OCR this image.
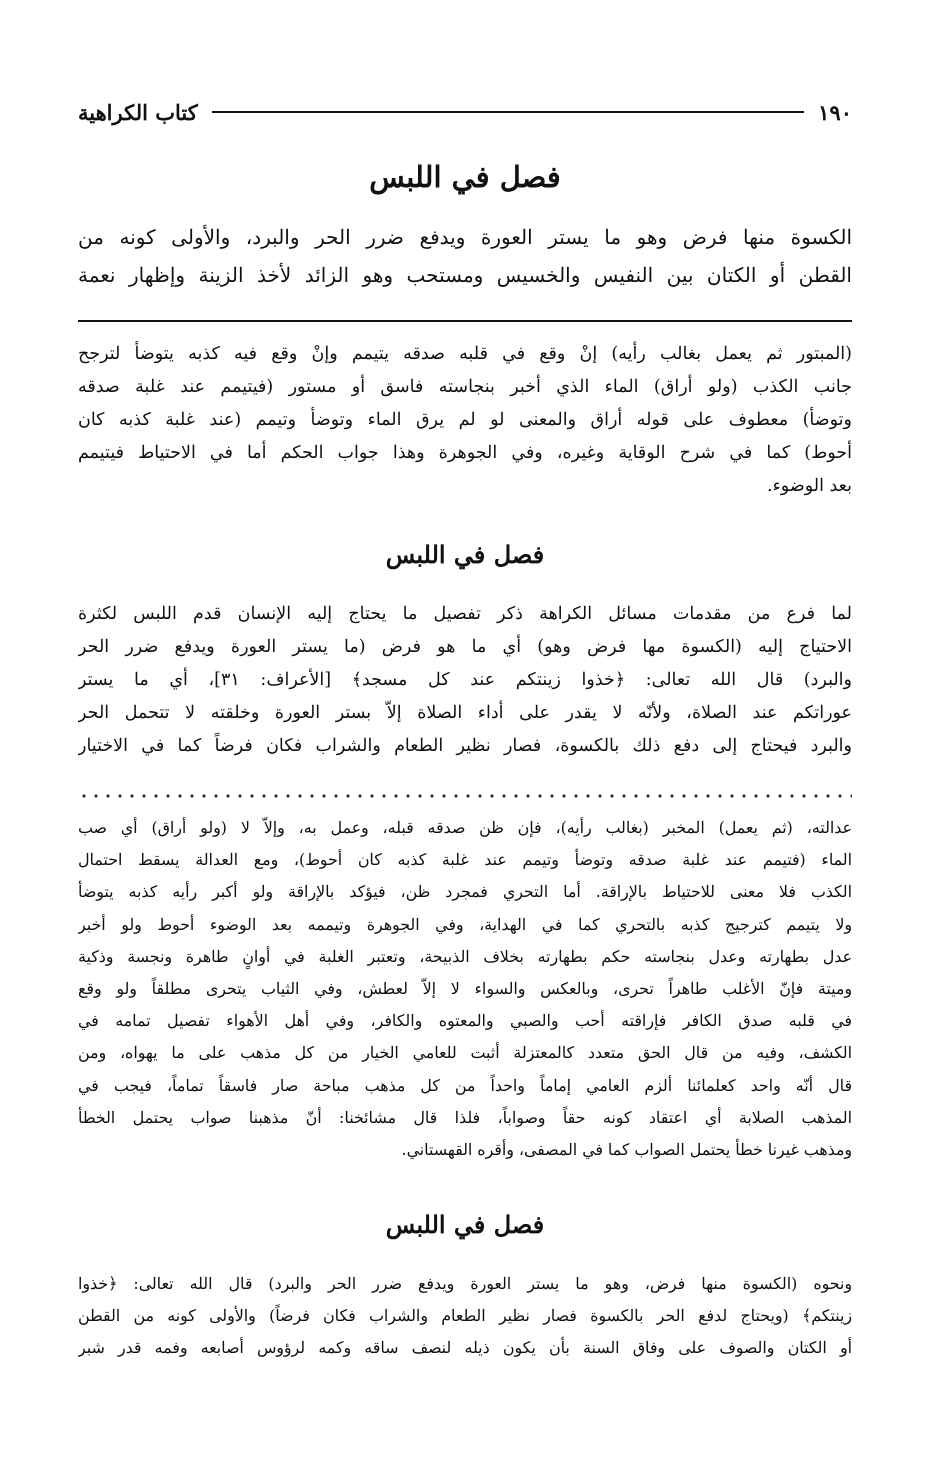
١٩٠
كتاب الكراهية
فصل في اللبس
الكسوة منها فرض وهو ما يستر العورة ويدفع ضرر الحر والبرد، والأولى كونه من
القطن أو الكتان بين النفيس والخسيس ومستحب وهو الزائد لأخذ الزينة وإظهار نعمة
(المبتور ثم يعمل بغالب رأيه) إنْ وقع في قلبه صدقه يتيمم وإنْ وقع فيه كذبه يتوضأ لترجح
جانب الكذب (ولو أراق) الماء الذي أخبر بنجاسته فاسق أو مستور (فيتيمم عند غلبة صدقه
وتوضأ) معطوف على قوله أراق والمعنى لو لم يرق الماء وتوضأ وتيمم (عند غلبة كذبه كان
أحوط) كما في شرح الوقاية وغيره، وفي الجوهرة وهذا جواب الحكم أما في الاحتياط فيتيمم
بعد الوضوء.
فصل في اللبس
لما فرع من مقدمات مسائل الكراهة ذكر تفصيل ما يحتاج إليه الإنسان قدم اللبس لكثرة
الاحتياج إليه (الكسوة مها فرض وهو) أي ما هو فرض (ما يستر العورة ويدفع ضرر الحر
والبرد) قال الله تعالى: ﴿خذوا زينتكم عند كل مسجد﴾ [الأعراف: ٣١]، أي ما يستر
عوراتكم عند الصلاة، ولأنّه لا يقدر على أداء الصلاة إلاّ بستر العورة وخلقته لا تتحمل الحر
والبرد فيحتاج إلى دفع ذلك بالكسوة، فصار نظير الطعام والشراب فكان فرضاً كما في الاختيار
عدالته، (ثم يعمل) المخبر (بغالب رأيه)، فإن ظن صدقه قبله، وعمل به، وإلاّ لا (ولو أراق) أي صب
الماء (فتيمم عند غلبة صدقه وتوضأ وتيمم عند غلبة كذبه كان أحوط)، ومع العدالة يسقط احتمال
الكذب فلا معنى للاحتياط بالإراقة. أما التحري فمجرد ظن، فيؤكد بالإراقة ولو أكبر رأيه كذبه يتوضأ
ولا يتيمم كترجيج كذبه بالتحري كما في الهداية، وفي الجوهرة وتيممه بعد الوضوء أحوط ولو أخبر
عدل بطهارته وعدل بنجاسته حكم بطهارته بخلاف الذبيحة، وتعتبر الغلبة في أوانٍ طاهرة ونجسة وذكية
وميتة فإنّ الأغلب طاهراً تحرى، وبالعكس والسواء لا إلاّ لعطش، وفي الثياب يتحرى مطلقاً ولو وقع
في قلبه صدق الكافر فإراقته أحب والصبي والمعتوه والكافر، وفي أهل الأهواء تفصيل تمامه في
الكشف، وفيه من قال الحق متعدد كالمعتزلة أثبت للعامي الخيار من كل مذهب على ما يهواه، ومن
قال أنّه واحد كعلمائنا ألزم العامي إماماً واحداً من كل مذهب مباحة صار فاسقاً تماماً، فيجب في
المذهب الصلابة أي اعتقاد كونه حقاً وصواباً، فلذا قال مشائخنا: أنّ مذهبنا صواب يحتمل الخطأ
ومذهب غيرنا خطأ يحتمل الصواب كما في المصفى، وأقره القهستاني.
فصل في اللبس
ونحوه (الكسوة منها فرض، وهو ما يستر العورة ويدفع ضرر الحر والبرد) قال الله تعالى: ﴿خذوا
زينتكم﴾ (ويحتاج لدفع الحر بالكسوة فصار نظير الطعام والشراب فكان فرضاً) والأولى كونه من القطن
أو الكتان والصوف على وفاق السنة بأن يكون ذيله لنصف ساقه وكمه لرؤوس أصابعه وفمه قدر شبر
